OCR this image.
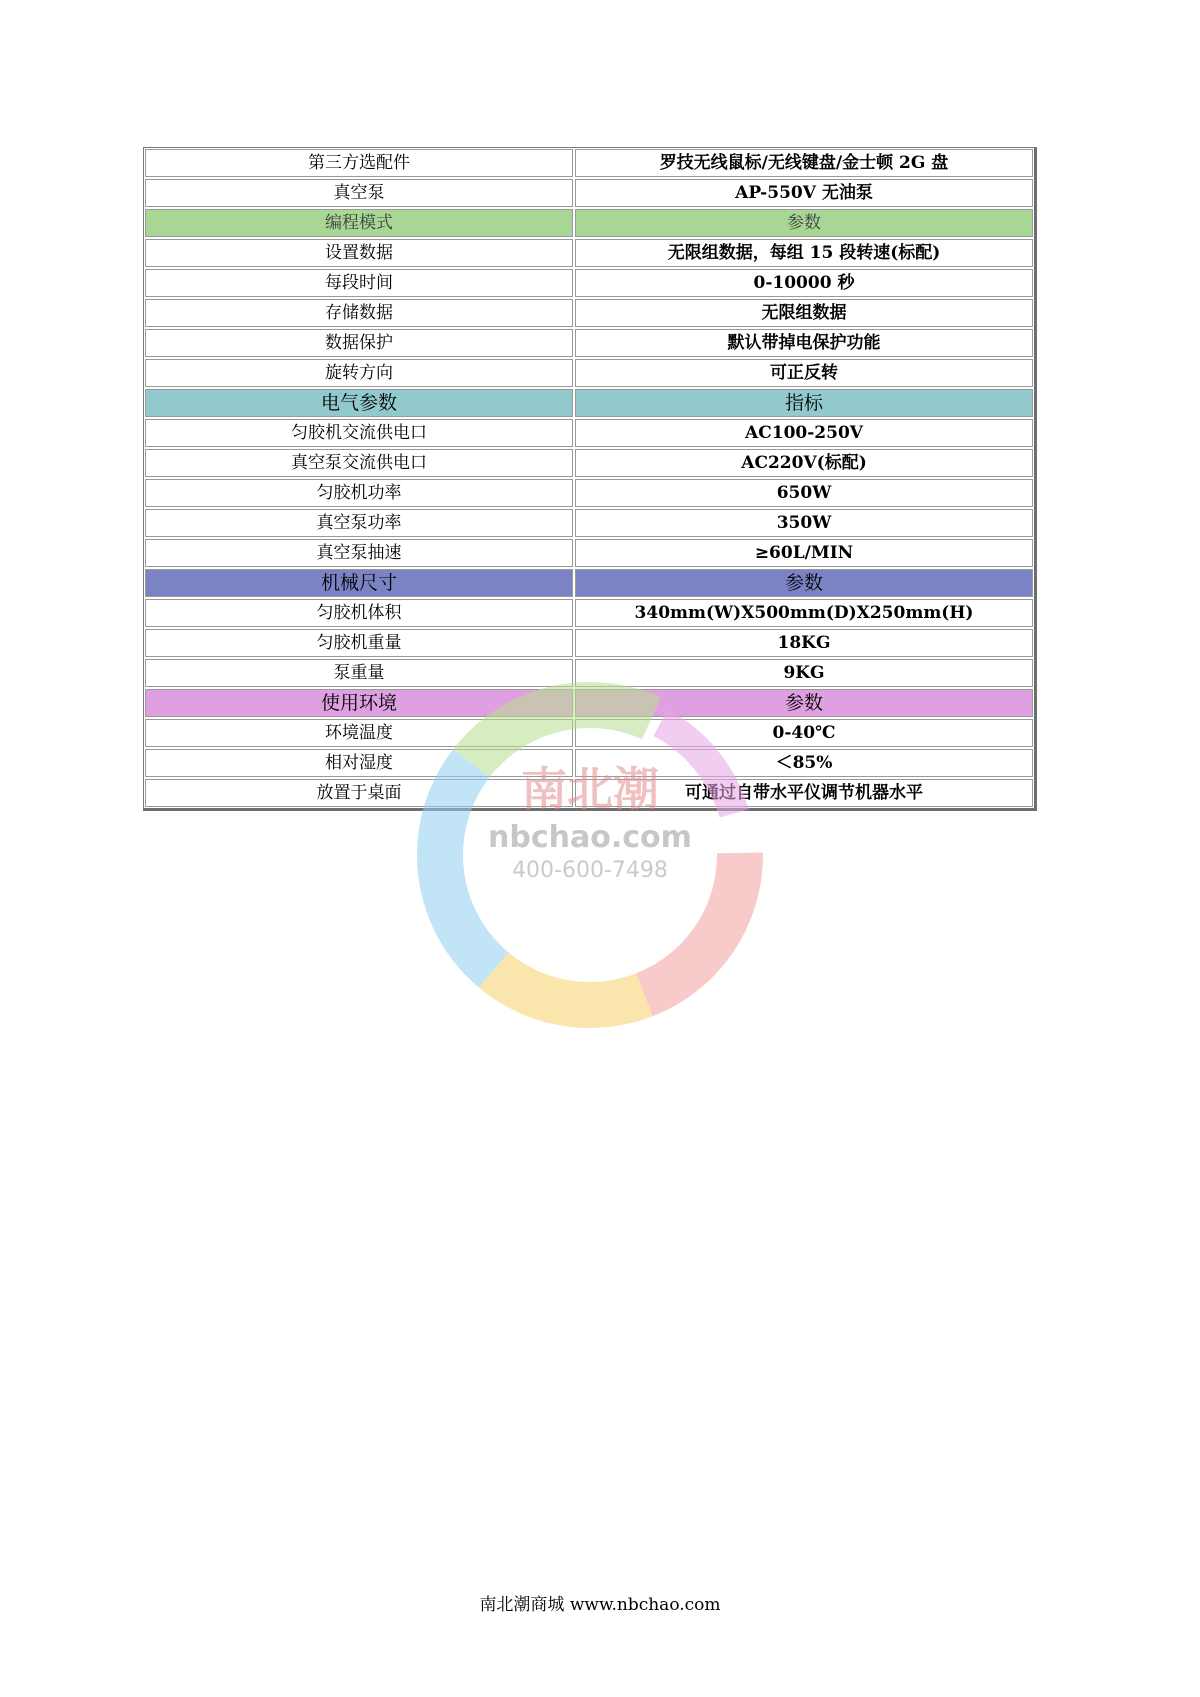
第三方选配件	罗技无线鼠标/无线键盘/金士顿 2G 盘
真空泵	AP-550V 无油泵
编程模式	参数
设置数据	无限组数据，每组 15 段转速(标配)
每段时间	0-10000 秒
存储数据	无限组数据
数据保护	默认带掉电保护功能
旋转方向	可正反转
电气参数	指标
匀胶机交流供电口	AC100-250V
真空泵交流供电口	AC220V(标配)
匀胶机功率	650W
真空泵功率	350W
真空泵抽速	≥60L/MIN
机械尺寸	参数
匀胶机体积	340mm(W)X500mm(D)X250mm(H)
匀胶机重量	18KG
泵重量	9KG
使用环境	参数
环境温度	0-40℃
相对湿度	＜85%
放置于桌面	可通过自带水平仪调节机器水平
南北潮
nbchao.com
400-600-7498
南北潮商城 www.nbchao.com
